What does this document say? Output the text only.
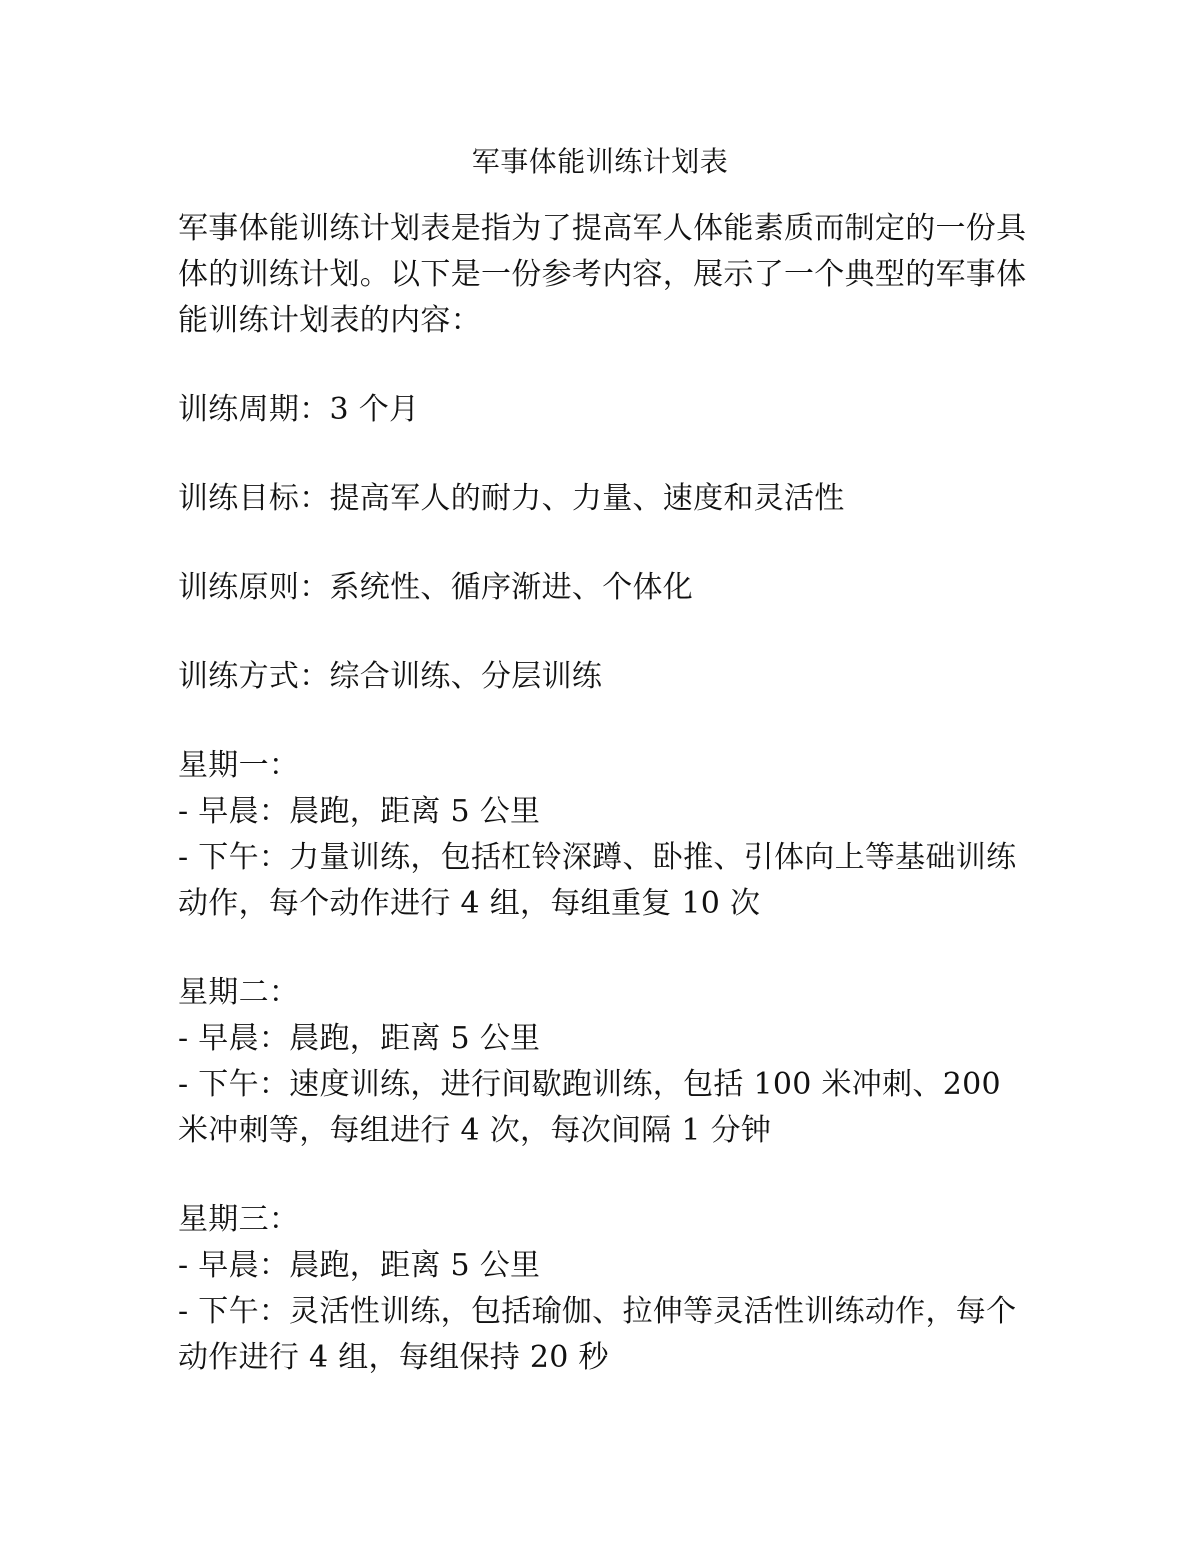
军事体能训练计划表

军事体能训练计划表是指为了提高军人体能素质而制定的一份具体的训练计划。以下是一份参考内容，展示了一个典型的军事体能训练计划表的内容：

训练周期：3 个月

训练目标：提高军人的耐力、力量、速度和灵活性

训练原则：系统性、循序渐进、个体化

训练方式：综合训练、分层训练

星期一：

- 早晨：晨跑，距离 5 公里

- 下午：力量训练，包括杠铃深蹲、卧推、引体向上等基础训练动作，每个动作进行 4 组，每组重复 10 次

星期二：

- 早晨：晨跑，距离 5 公里

- 下午：速度训练，进行间歇跑训练，包括 100 米冲刺、200 米冲刺等，每组进行 4 次，每次间隔 1 分钟

星期三：

- 早晨：晨跑，距离 5 公里

- 下午：灵活性训练，包括瑜伽、拉伸等灵活性训练动作，每个动作进行 4 组，每组保持 20 秒
